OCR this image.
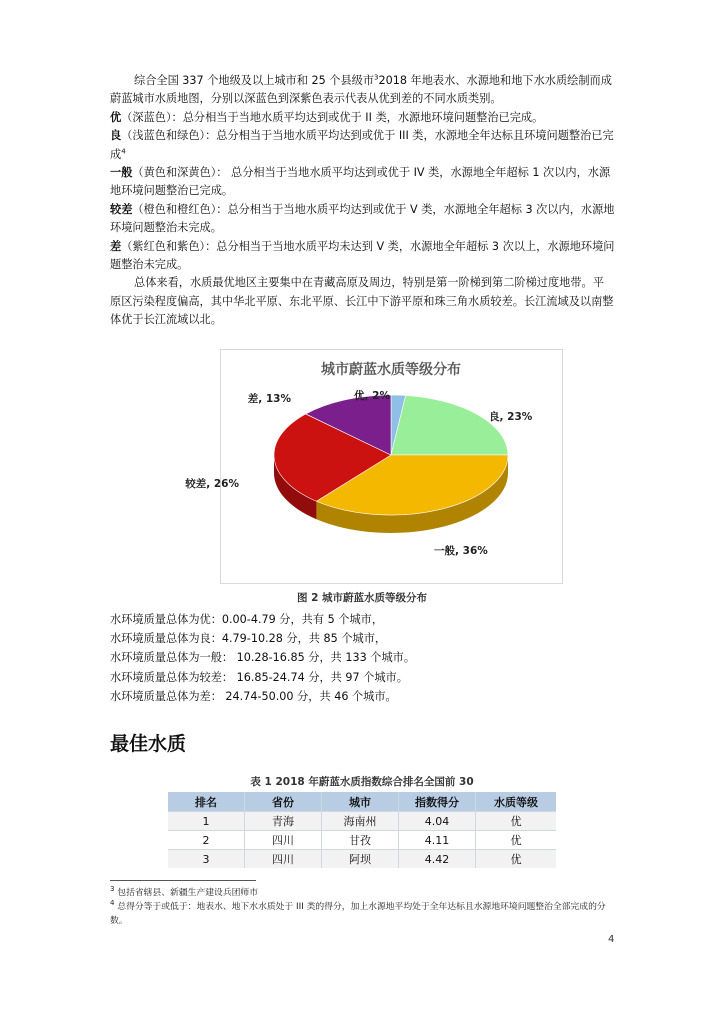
综合全国 337 个地级及以上城市和 25 个县级市$^3$2018 年地表水、水源地和地下水水质绘制而成蔚蓝城市水质地图，分别以深蓝色到深紫色表示代表从优到差的不同水质类别。

优（深蓝色）：总分相当于当地水质平均达到或优于 II 类，水源地环境问题整治已完成。

良（浅蓝色和绿色）：总分相当于当地水质平均达到或优于 III 类，水源地全年达标且环境问题整治已完成$^4$

一般（黄色和深黄色）： 总分相当于当地水质平均达到或优于 IV 类，水源地全年超标 1 次以内，水源地环境问题整治已完成。

较差（橙色和橙红色）：总分相当于当地水质平均达到或优于 V 类，水源地全年超标 3 次以内，水源地环境问题整治未完成。

差（紫红色和紫色）：总分相当于当地水质平均未达到 V 类，水源地全年超标 3 次以上，水源地环境问题整治未完成。

总体来看，水质最优地区主要集中在青藏高原及周边，特别是第一阶梯到第二阶梯过度地带。平原区污染程度偏高，其中华北平原、东北平原、长江中下游平原和珠三角水质较差。长江流域及以南整体优于长江流域以北。

城市蔚蓝水质等级分布
优, 2%
良, 23%
一般, 36%
较差, 26%
差, 13%
图 2 城市蔚蓝水质等级分布
水环境质量总体为优：0.00-4.79 分，共有 5 个城市，
水环境质量总体为良：4.79-10.28 分，共 85 个城市，
水环境质量总体为一般： 10.28-16.85 分，共 133 个城市。
水环境质量总体为较差： 16.85-24.74 分，共 97 个城市。
水环境质量总体为差： 24.74-50.00 分，共 46 个城市。
最佳水质
表 1 2018 年蔚蓝水质指数综合排名全国前 30
排名	省份	城市	指数得分	水质等级
1	青海	海南州	4.04	优
2	四川	甘孜	4.11	优
3	四川	阿坝	4.42	优

$^3$ 包括省辖县、新疆生产建设兵团师市

$^4$ 总得分等于或低于：地表水、地下水水质处于 III 类的得分，加上水源地平均处于全年达标且水源地环境问题整治全部完成的分数。

4
